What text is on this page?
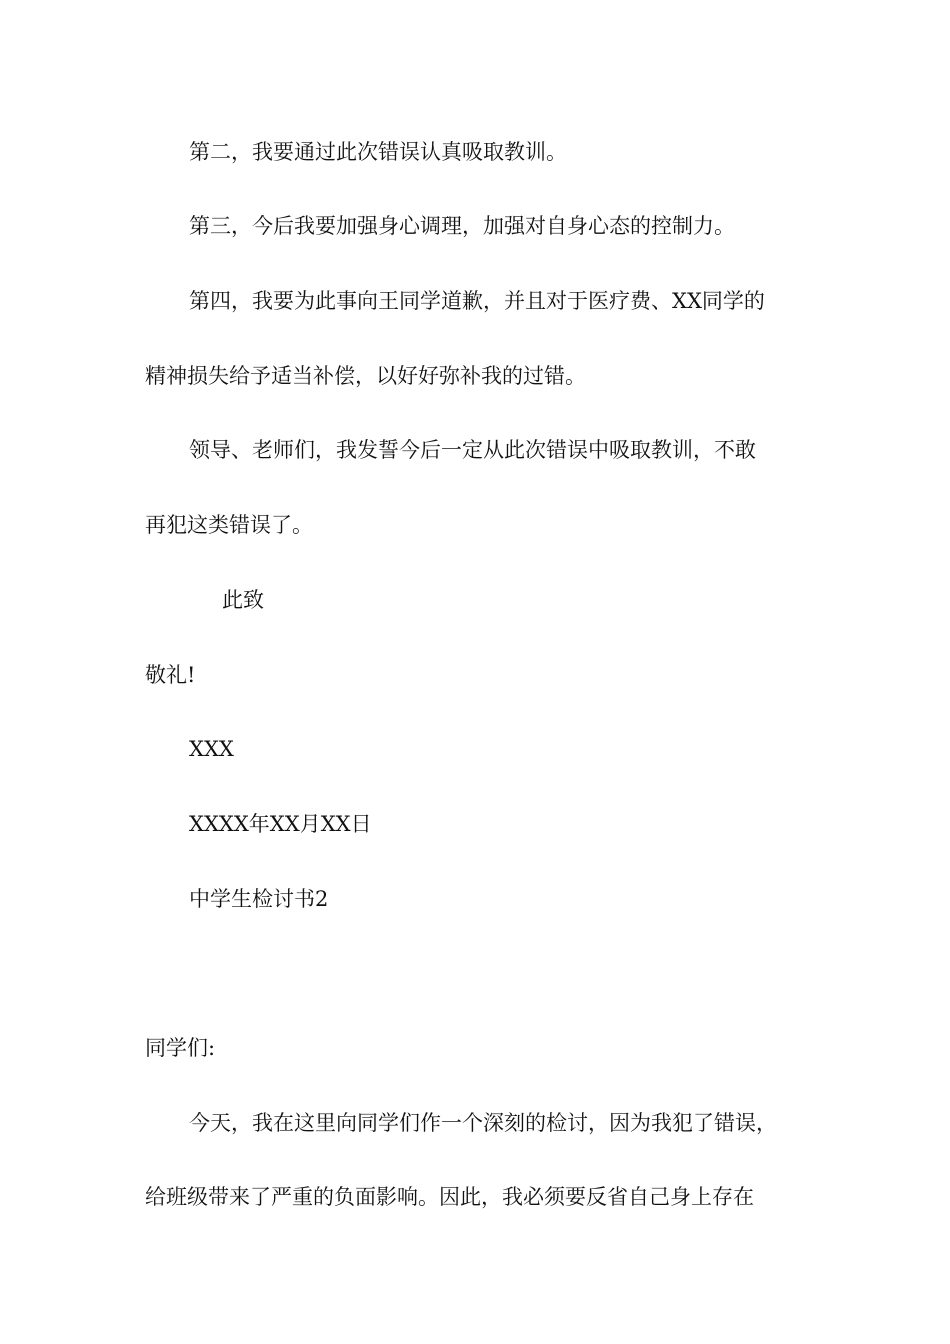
第二，我要通过此次错误认真吸取教训。
第三，今后我要加强身心调理，加强对自身心态的控制力。
第四，我要为此事向王同学道歉，并且对于医疗费、XX同学的
精神损失给予适当补偿，以好好弥补我的过错。
领导、老师们，我发誓今后一定从此次错误中吸取教训，不敢
再犯这类错误了。
此致
敬礼!
XXX
XXXX年XX月XX日
中学生检讨书2
同学们:
今天，我在这里向同学们作一个深刻的检讨，因为我犯了错误，
给班级带来了严重的负面影响。因此，我必须要反省自己身上存在
